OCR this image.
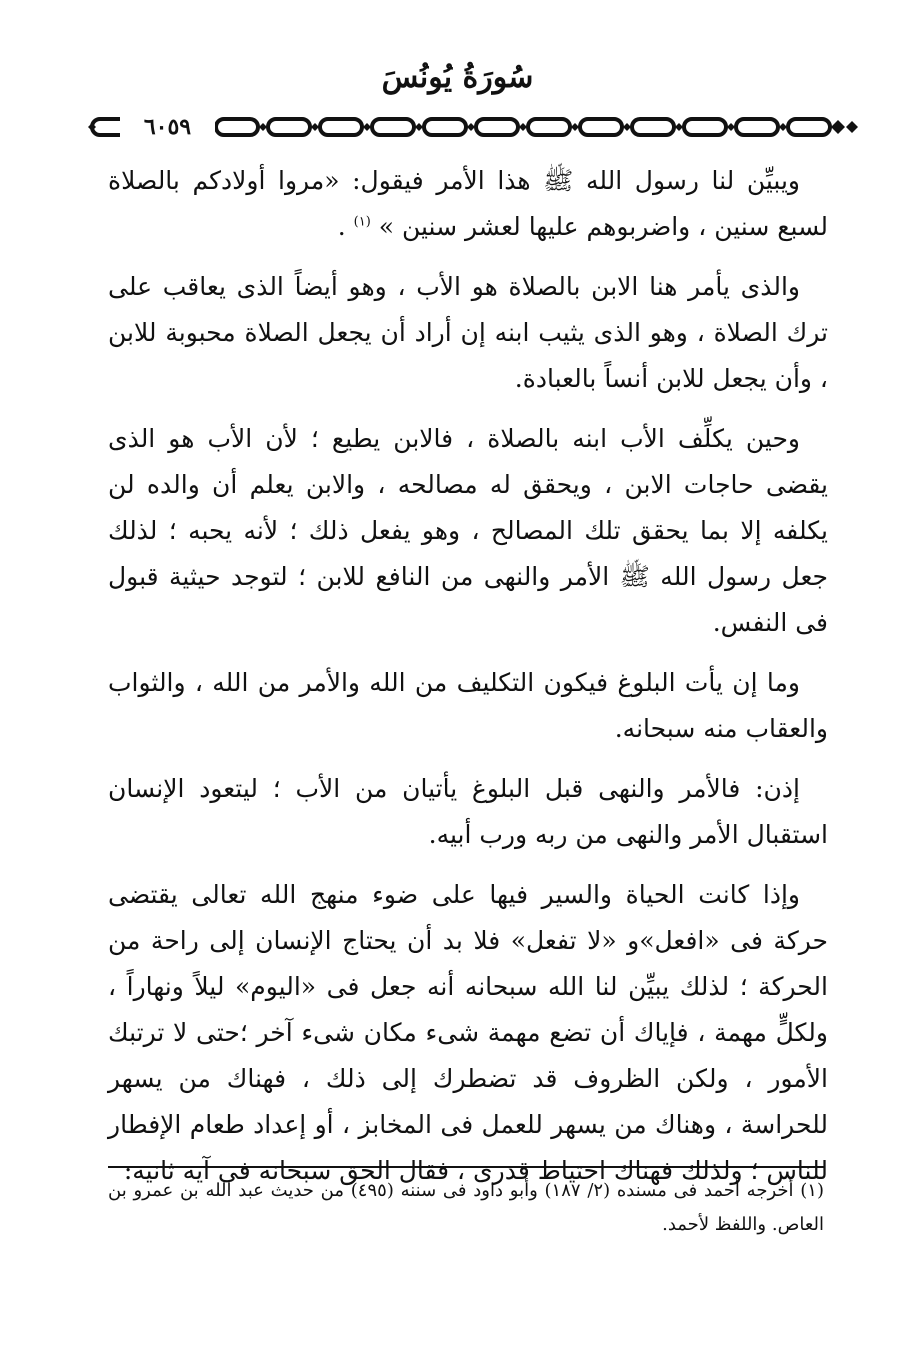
سُورَةُ يُونُسَ
٦٠٥٩

ويبيِّن لنا رسول الله ﷺ هذا الأمر فيقول: «مروا أولادكم بالصلاة لسبع سنين ، واضربوهم عليها لعشر سنين » $^{(١)}$ .

والذى يأمر هنا الابن بالصلاة هو الأب ، وهو أيضاً الذى يعاقب على ترك الصلاة ، وهو الذى يثيب ابنه إن أراد أن يجعل الصلاة محبوبة للابن ، وأن يجعل للابن أنساً بالعبادة.

وحين يكلِّف الأب ابنه بالصلاة ، فالابن يطيع ؛ لأن الأب هو الذى يقضى حاجات الابن ، ويحقق له مصالحه ، والابن يعلم أن والده لن يكلفه إلا بما يحقق تلك المصالح ، وهو يفعل ذلك ؛ لأنه يحبه ؛ لذلك جعل رسول الله ﷺ الأمر والنهى من النافع للابن ؛ لتوجد حيثية قبول فى النفس.

وما إن يأت البلوغ فيكون التكليف من الله والأمر من الله ، والثواب والعقاب منه سبحانه.

إذن: فالأمر والنهى قبل البلوغ يأتيان من الأب ؛ ليتعود الإنسان استقبال الأمر والنهى من ربه ورب أبيه.

وإذا كانت الحياة والسير فيها على ضوء منهج الله تعالى يقتضى حركة فى «افعل»و «لا تفعل» فلا بد أن يحتاج الإنسان إلى راحة من الحركة ؛ لذلك يبيِّن لنا الله سبحانه أنه جعل فى «اليوم» ليلاً ونهاراً ، ولكلٍّ مهمة ، فإياك أن تضع مهمة شىء مكان شىء آخر ؛حتى لا ترتبك الأمور ، ولكن الظروف قد تضطرك إلى ذلك ، فهناك من يسهر للحراسة ، وهناك من يسهر للعمل فى المخابز ، أو إعداد طعام الإفطار للناس ؛ ولذلك فهناك احتياط قدرى ، فقال الحق سبحانه فى آية ثانية:

(١) أخرجه أحمد فى مسنده (٢/ ١٨٧) وأبو داود فى سننه (٤٩٥) من حديث عبد الله بن عمرو بن العاص. واللفظ لأحمد.
